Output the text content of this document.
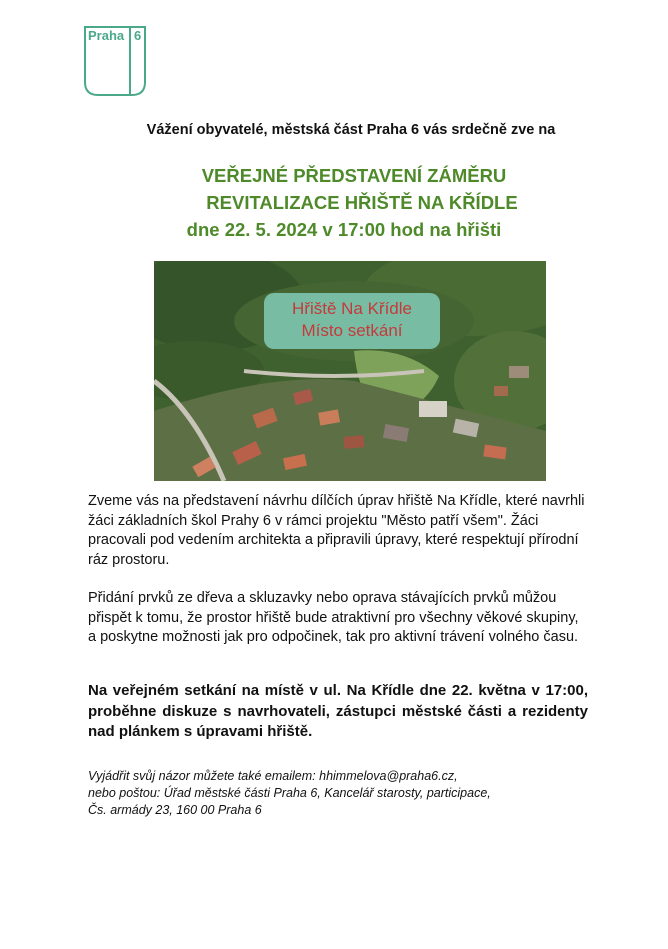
Praha 6
Vážení obyvatelé, městská část Praha 6 vás srdečně zve na
VEŘEJNÉ PŘEDSTAVENÍ ZÁMĚRU
REVITALIZACE HŘIŠTĚ NA KŘÍDLE
dne 22. 5. 2024 v 17:00 hod na hřišti
Hřiště Na Křídle
Místo setkání
Zveme vás na představení návrhu dílčích úprav hřiště Na Křídle, které navrhli žáci základních škol Prahy 6 v rámci projektu "Město patří všem". Žáci pracovali pod vedením architekta a připravili úpravy, které respektují přírodní ráz prostoru.
Přidání prvků ze dřeva a skluzavky nebo oprava stávajících prvků můžou přispět k tomu, že prostor hřiště bude atraktivní pro všechny věkové skupiny, a poskytne možnosti jak pro odpočinek, tak pro aktivní trávení volného času.
Na veřejném setkání na místě v ul. Na Křídle dne 22. května v 17:00, proběhne diskuze s navrhovateli, zástupci městské části a rezidenty nad plánkem s úpravami hřiště.
Vyjádřit svůj názor můžete také emailem: hhimmelova@praha6.cz,
nebo poštou: Úřad městské části Praha 6, Kancelář starosty, participace,
Čs. armády 23, 160 00 Praha 6
